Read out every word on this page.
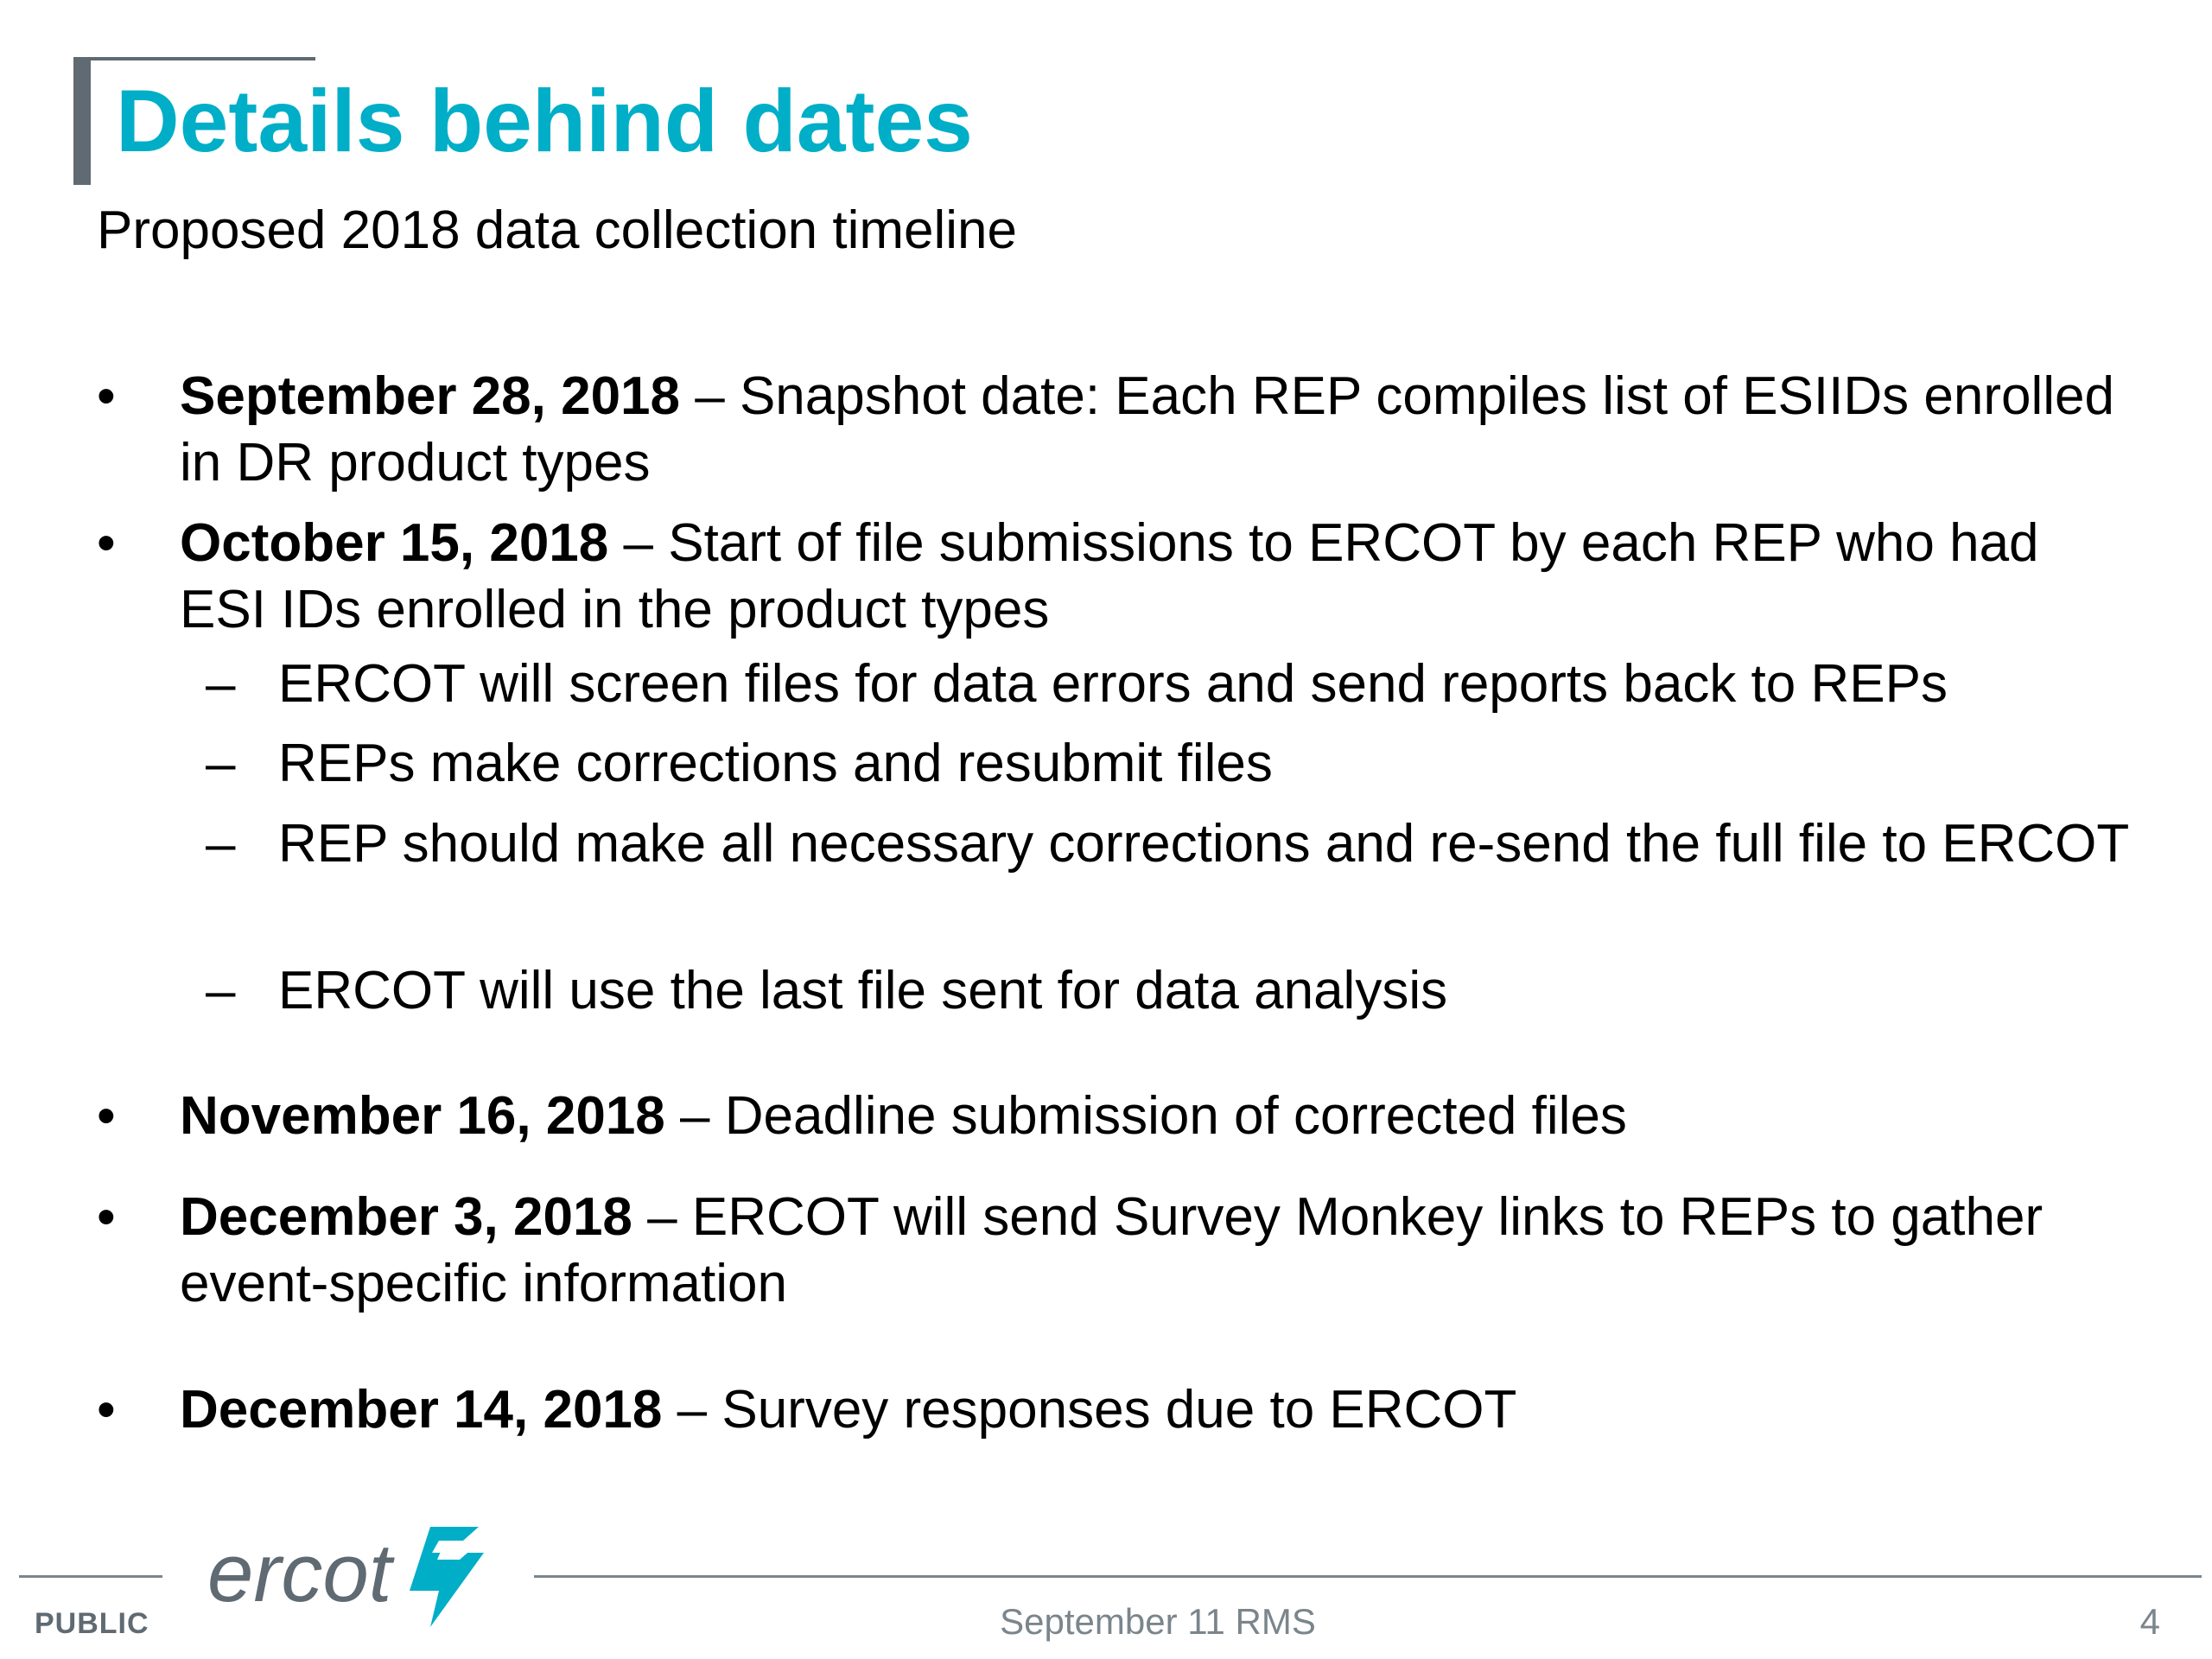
Details behind dates

Proposed 2018 data collection timeline

• September 28, 2018 – Snapshot date: Each REP compiles list of ESIIDs enrolled in DR product types
• October 15, 2018 – Start of file submissions to ERCOT by each REP who had ESI IDs enrolled in the product types
– ERCOT will screen files for data errors and send reports back to REPs
– REPs make corrections and resubmit files
– REP should make all necessary corrections and re-send the full file to ERCOT
– ERCOT will use the last file sent for data analysis
• November 16, 2018 – Deadline submission of corrected files
• December 3, 2018 – ERCOT will send Survey Monkey links to REPs to gather event-specific information
• December 14, 2018 – Survey responses due to ERCOT
ercot
PUBLIC	September 11 RMS	4
